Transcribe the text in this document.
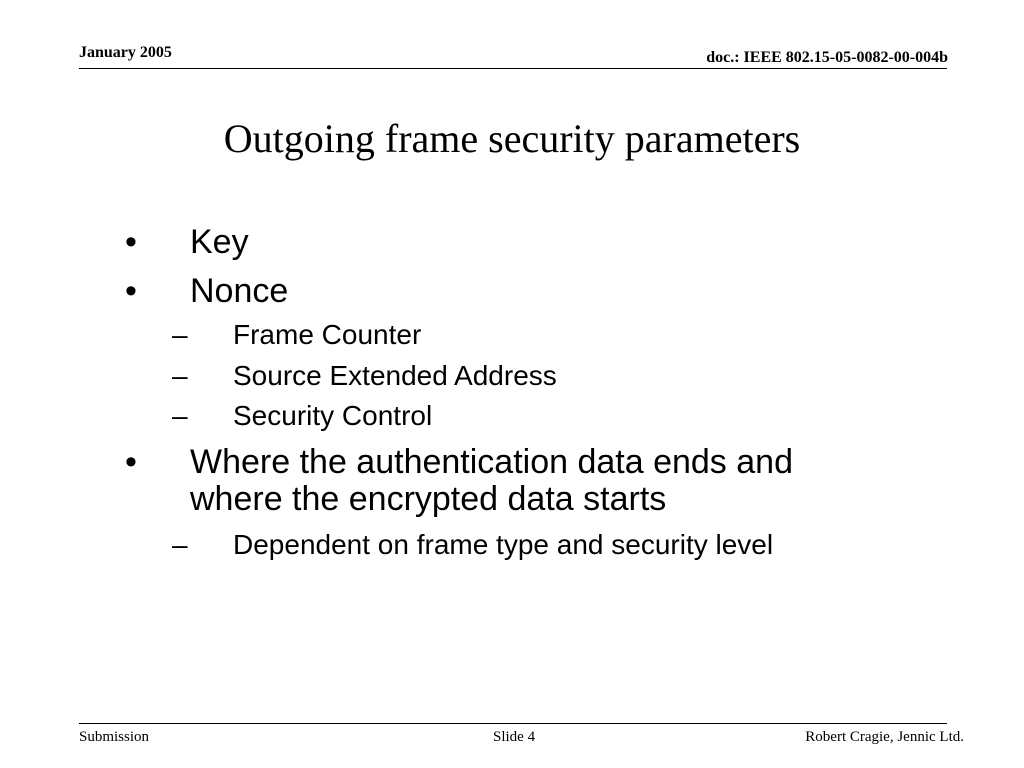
January 2005	doc.: IEEE 802.15-05-0082-00-004b
Outgoing frame security parameters
•	Key
•	Nonce
–	Frame Counter
–	Source Extended Address
–	Security Control
•	Where the authentication data ends and
where the encrypted data starts
–	Dependent on frame type and security level
Submission	Slide 4	Robert Cragie, Jennic Ltd.
